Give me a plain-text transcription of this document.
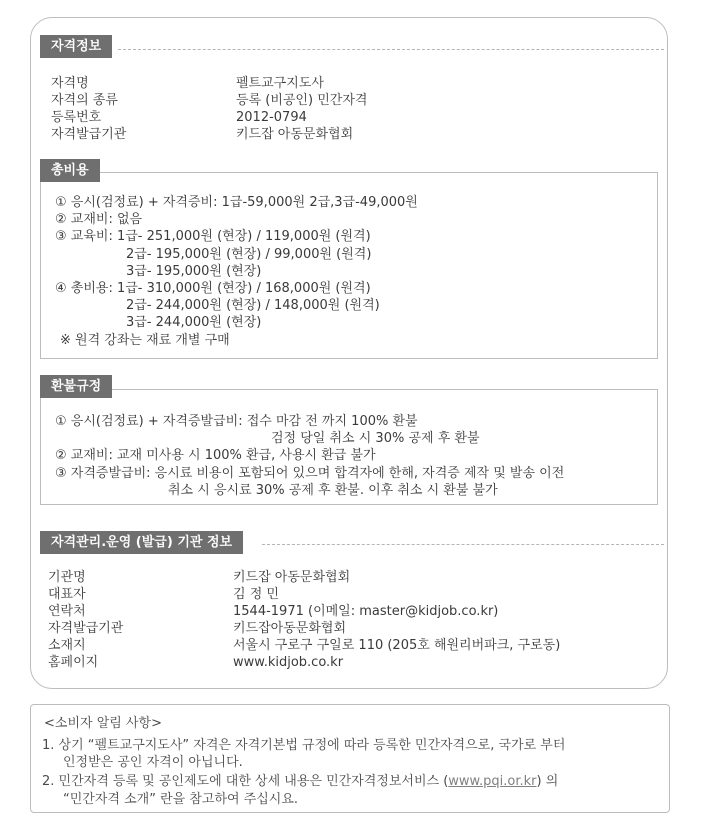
자격정보
자격명	펠트교구지도사
자격의 종류	등록 (비공인) 민간자격
등록번호	2012-0794
자격발급기관	키드잡 아동문화협회
총비용
① 응시(검정료) + 자격증비: 1급-59,000원 2급,3급-49,000원
② 교재비: 없음
③ 교육비: 1급- 251,000원 (현장) / 119,000원 (원격)
2급- 195,000원 (현장) / 99,000원 (원격)
3급- 195,000원 (현장)
④ 총비용: 1급- 310,000원 (현장) / 168,000원 (원격)
2급- 244,000원 (현장) / 148,000원 (원격)
3급- 244,000원 (현장)
※ 원격 강좌는 재료 개별 구매
환불규정
① 응시(검정료) + 자격증발급비: 접수 마감 전 까지 100% 환불
검정 당일 취소 시 30% 공제 후 환불
② 교재비: 교재 미사용 시 100% 환급, 사용시 환급 불가
③ 자격증발급비: 응시료 비용이 포함되어 있으며 합격자에 한해, 자격증 제작 및 발송 이전
취소 시 응시료 30% 공제 후 환불. 이후 취소 시 환불 불가
자격관리.운영 (발급) 기관 정보
기관명	키드잡 아동문화협회
대표자	김 정 민
연락처	1544-1971 (이메일: master@kidjob.co.kr)
자격발급기관	키드잡아동문화협회
소재지	서울시 구로구 구일로 110 (205호 해원리버파크, 구로동)
홈페이지	www.kidjob.co.kr
<소비자 알림 사항>
1. 상기 “펠트교구지도사” 자격은 자격기본법 규정에 따라 등록한 민간자격으로, 국가로 부터
인정받은 공인 자격이 아닙니다.
2. 민간자격 등록 및 공인제도에 대한 상세 내용은 민간자격정보서비스 (www.pqi.or.kr) 의
“민간자격 소개” 란을 참고하여 주십시요.
